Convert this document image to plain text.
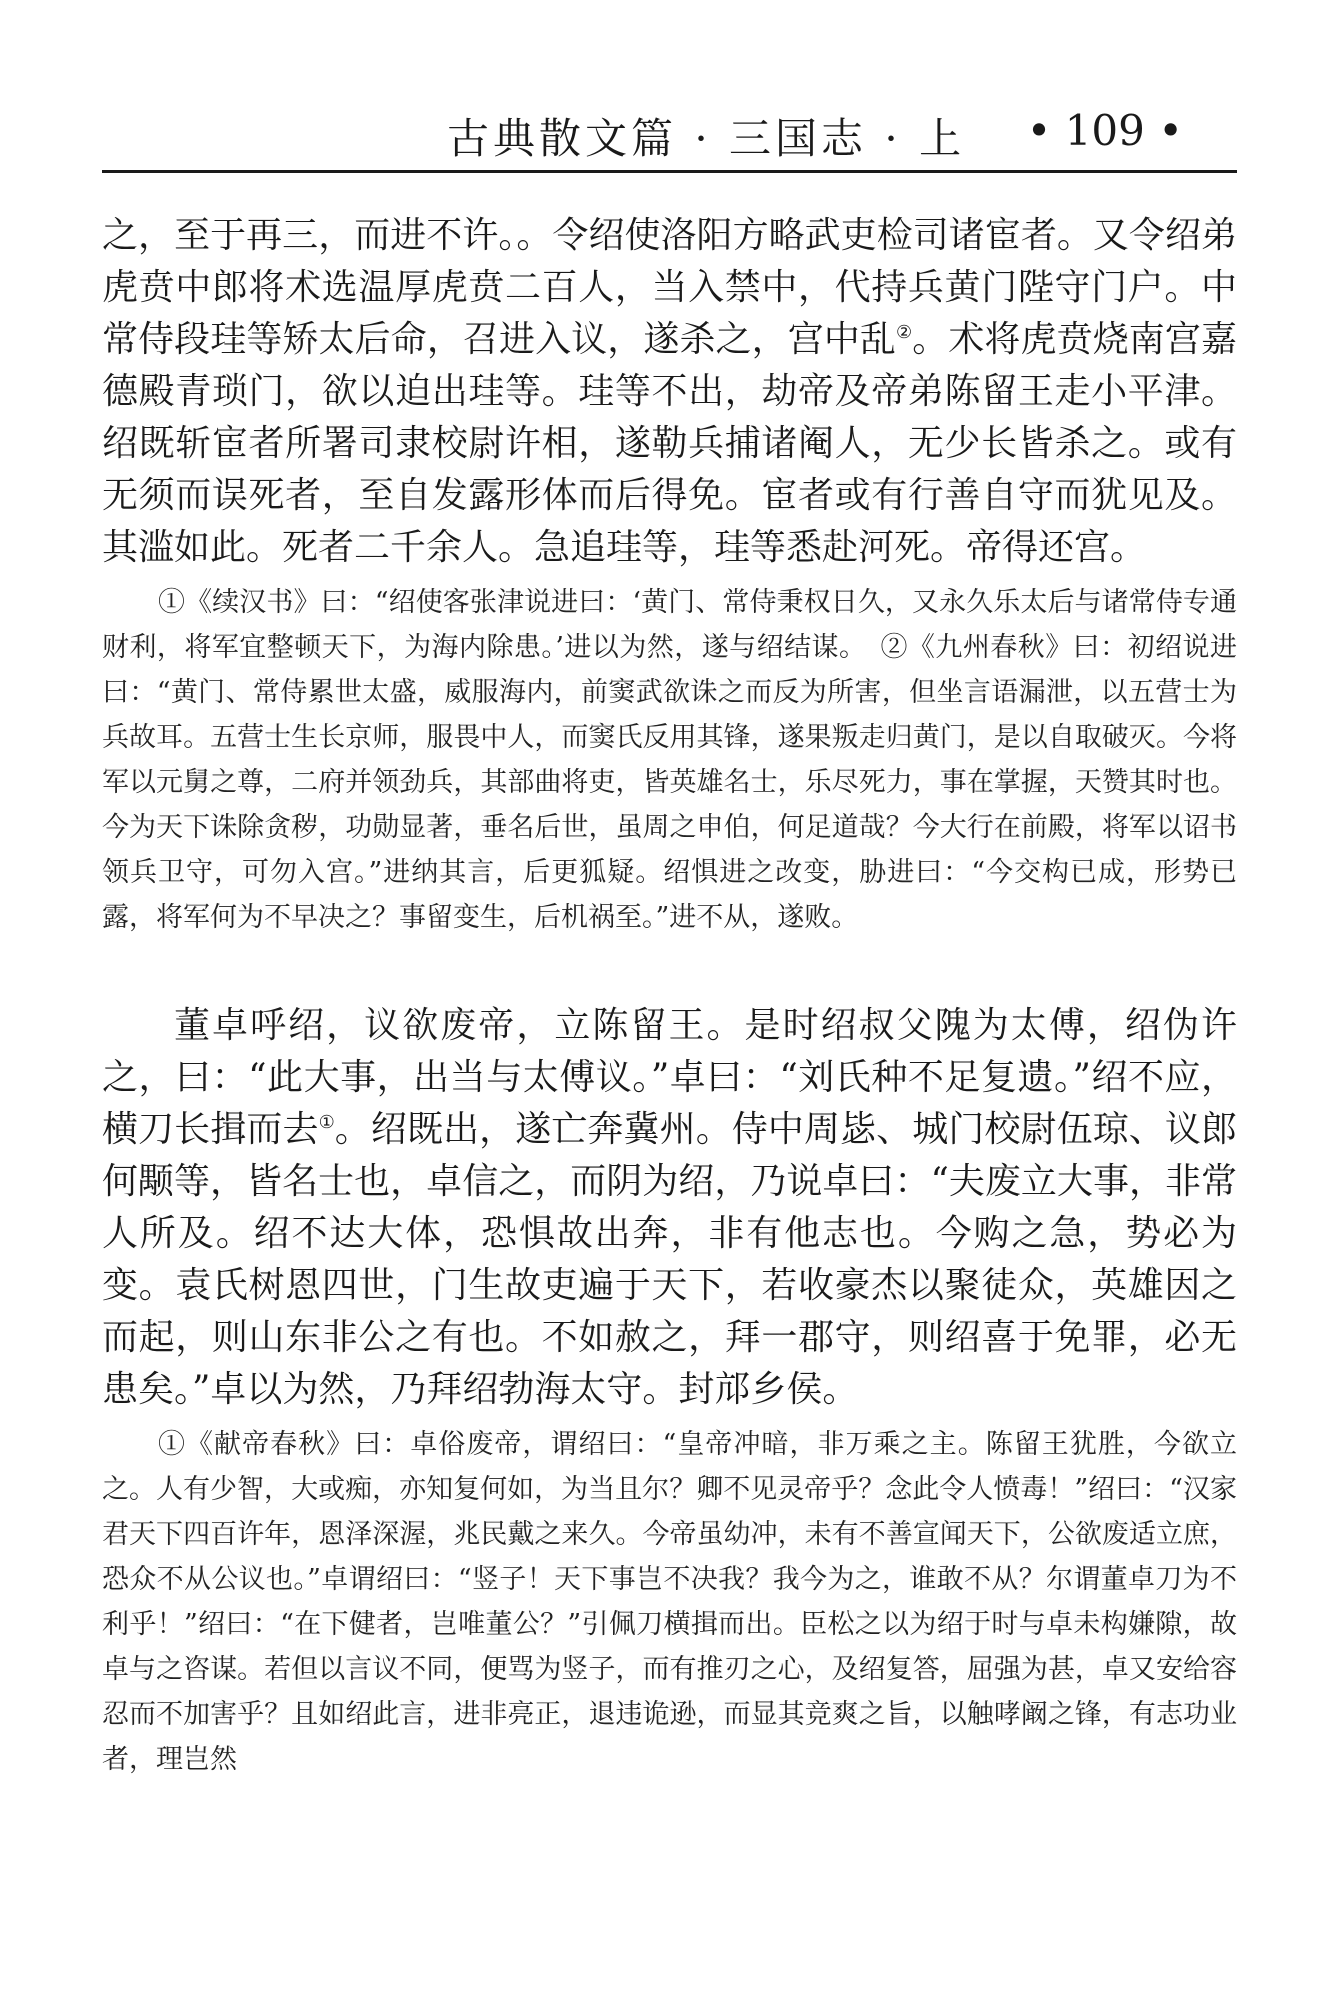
古典散文篇 · 三国志 · 上 • 109 •

之，至于再三，而进不许。。令绍使洛阳方略武吏检司诸宦者。又令绍弟虎贲中郎将术选温厚虎贲二百人，当入禁中，代持兵黄门陛守门户。中常侍段珪等矫太后命，召进入议，遂杀之，宫中乱②。术将虎贲烧南宫嘉德殿青琐门，欲以迫出珪等。珪等不出，劫帝及帝弟陈留王走小平津。绍既斩宦者所署司隶校尉许相，遂勒兵捕诸阉人，无少长皆杀之。或有无须而误死者，至自发露形体而后得免。宦者或有行善自守而犹见及。其滥如此。死者二千余人。急追珪等，珪等悉赴河死。帝得还宫。

①《续汉书》曰：“绍使客张津说进曰：‘黄门、常侍秉权日久，又永久乐太后与诸常侍专通财利，将军宜整顿天下，为海内除患。’进以为然，遂与绍结谋。　②《九州春秋》曰：初绍说进曰：“黄门、常侍累世太盛，威服海内，前窦武欲诛之而反为所害，但坐言语漏泄，以五营士为兵故耳。五营士生长京师，服畏中人，而窦氏反用其锋，遂果叛走归黄门，是以自取破灭。今将军以元舅之尊，二府并领劲兵，其部曲将吏，皆英雄名士，乐尽死力，事在掌握，天赞其时也。今为天下诛除贪秽，功勋显著，垂名后世，虽周之申伯，何足道哉？今大行在前殿，将军以诏书领兵卫守，可勿入宫。”进纳其言，后更狐疑。绍惧进之改变，胁进曰：“今交构已成，形势已露，将军何为不早决之？事留变生，后机祸至。”进不从，遂败。

董卓呼绍，议欲废帝，立陈留王。是时绍叔父隗为太傅，绍伪许之，曰：“此大事，出当与太傅议。”卓曰：“刘氏种不足复遗。”绍不应，横刀长揖而去①。绍既出，遂亡奔冀州。侍中周毖、城门校尉伍琼、议郎何颙等，皆名士也，卓信之，而阴为绍，乃说卓曰：“夫废立大事，非常人所及。绍不达大体，恐惧故出奔，非有他志也。今购之急，势必为变。袁氏树恩四世，门生故吏遍于天下，若收豪杰以聚徒众，英雄因之而起，则山东非公之有也。不如赦之，拜一郡守，则绍喜于免罪，必无患矣。”卓以为然，乃拜绍勃海太守。封邟乡侯。

①《献帝春秋》曰：卓俗废帝，谓绍曰：“皇帝冲暗，非万乘之主。陈留王犹胜，今欲立之。人有少智，大或痴，亦知复何如，为当且尔？卿不见灵帝乎？念此令人愤毒！”绍曰：“汉家君天下四百许年，恩泽深渥，兆民戴之来久。今帝虽幼冲，未有不善宣闻天下，公欲废适立庶，恐众不从公议也。”卓谓绍曰：“竖子！天下事岂不决我？我今为之，谁敢不从？尔谓董卓刀为不利乎！”绍曰：“在下健者，岂唯董公？”引佩刀横揖而出。臣松之以为绍于时与卓未构嫌隙，故卓与之咨谋。若但以言议不同，便骂为竖子，而有推刃之心，及绍复答，屈强为甚，卓又安给容忍而不加害乎？且如绍此言，进非亮正，退违诡逊，而显其竞爽之旨，以触哮阚之锋，有志功业者，理岂然
